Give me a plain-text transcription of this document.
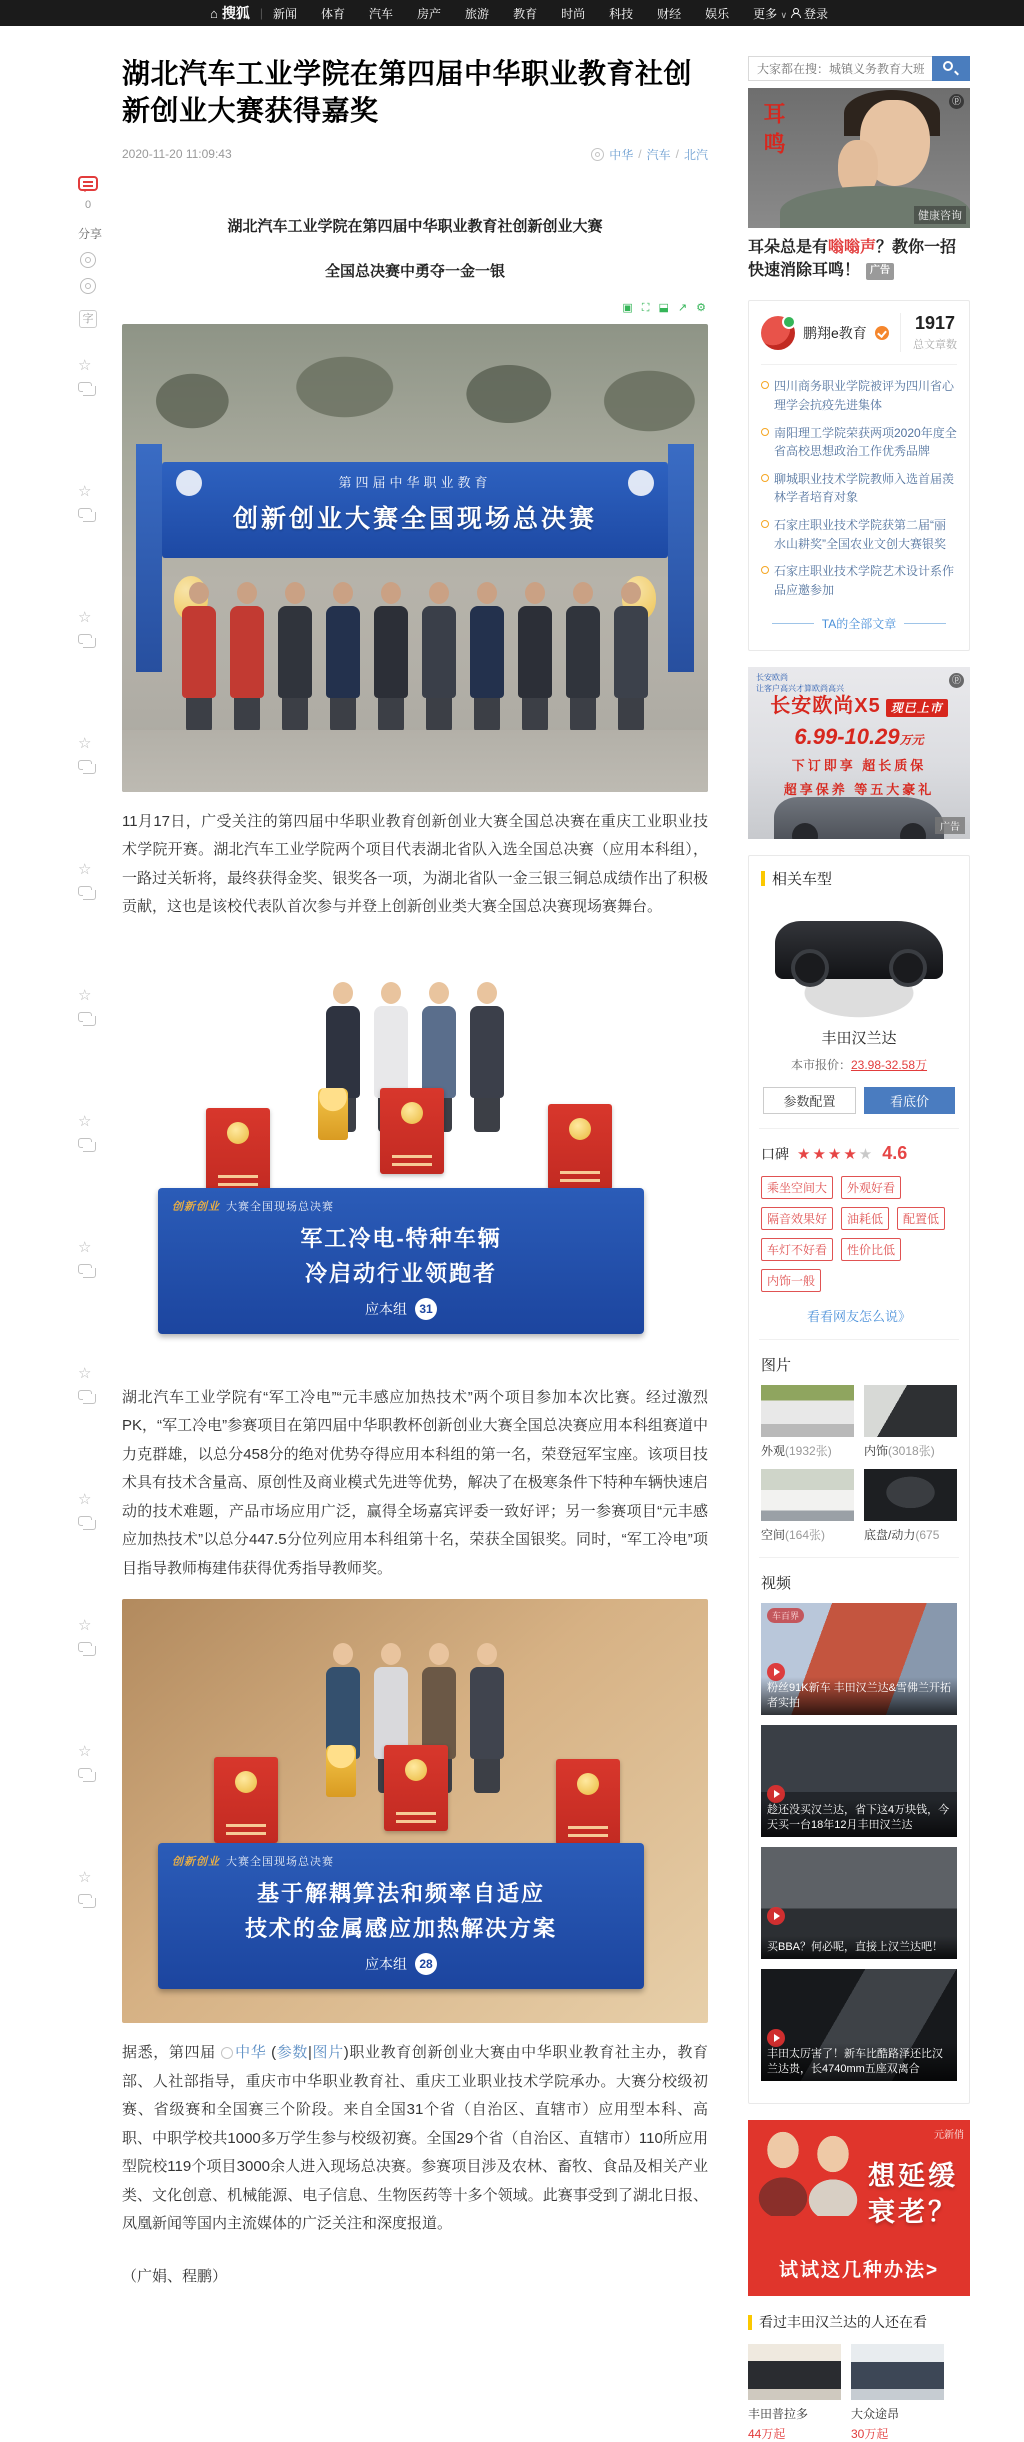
⌂ 搜狐 | 新闻 体育 汽车 房产 旅游 教育 时尚 科技 财经 娱乐 更多 ∨ 登录
0
分享
字
☆
☆
☆
☆
☆
☆
☆
☆
☆
☆
☆
☆
☆
湖北汽车工业学院在第四届中华职业教育社创新创业大赛获得嘉奖
2020-11-20 11:09:43	中华 / 汽车 / 北汽

湖北汽车工业学院在第四届中华职业教育社创新创业大赛

全国总决赛中勇夺一金一银

▣ ⛶ ⬓ ↗ ⚙
第四届中华职业教育
创新创业大赛全国现场总决赛

11月17日，广受关注的第四届中华职业教育创新创业大赛全国总决赛在重庆工业职业技术学院开赛。湖北汽车工业学院两个项目代表湖北省队入选全国总决赛（应用本科组），一路过关斩将，最终获得金奖、银奖各一项，为湖北省队一金三银三铜总成绩作出了积极贡献，这也是该校代表队首次参与并登上创新创业类大赛全国总决赛现场赛舞台。

创新创业 大赛全国现场总决赛
军工冷电-特种车辆
冷启动行业领跑者
应本组	31

湖北汽车工业学院有“军工冷电”“元丰感应加热技术”两个项目参加本次比赛。经过激烈PK，“军工冷电”参赛项目在第四届中华职教杯创新创业大赛全国总决赛应用本科组赛道中力克群雄，以总分458分的绝对优势夺得应用本科组的第一名，荣登冠军宝座。该项目技术具有技术含量高、原创性及商业模式先进等优势，解决了在极寒条件下特种车辆快速启动的技术难题，产品市场应用广泛，赢得全场嘉宾评委一致好评；另一参赛项目“元丰感应加热技术”以总分447.5分位列应用本科组第十名，荣获全国银奖。同时，“军工冷电”项目指导教师梅建伟获得优秀指导教师奖。

创新创业 大赛全国现场总决赛
基于解耦算法和频率自适应
技术的金属感应加热解决方案
应本组	28

据悉，第四届 中华 (参数|图片)职业教育创新创业大赛由中华职业教育社主办，教育部、人社部指导，重庆市中华职业教育社、重庆工业职业技术学院承办。大赛分校级初赛、省级赛和全国赛三个阶段。来自全国31个省（自治区、直辖市）应用型本科、高职、中职学校共1000多万学生参与校级初赛。全国29个省（自治区、直辖市）110所应用型院校119个项目3000余人进入现场总决赛。参赛项目涉及农林、畜牧、食品及相关产业类、文化创意、机械能源、电子信息、生物医药等十多个领域。此赛事受到了湖北日报、凤凰新闻等国内主流媒体的广泛关注和深度报道。

（广娟、程鹏）

大家都在搜：城镇义务教育大班额基本
耳鸣
健康咨询
ⓟ
耳朵总是有嗡嗡声？教你一招快速消除耳鸣！ 广告
鹏翔e教育	1917
总文章数
四川商务职业学院被评为四川省心理学会抗疫先进集体
南阳理工学院荣获两项2020年度全省高校思想政治工作优秀品牌
聊城职业技术学院教师入选首届羡林学者培育对象
石家庄职业技术学院获第二届“丽水山耕奖”全国农业文创大赛银奖
石家庄职业技术学院艺术设计系作品应邀参加
TA的全部文章
长安欧尚
让客户高兴才算欧尚高兴
ⓟ
长安欧尚X5 现已上市
6.99-10.29万元
下订即享 超长质保
超享保养 等五大豪礼
广告
相关车型
丰田汉兰达
本市报价：23.98-32.58万
参数配置	看底价
口碑 ★★★★★ 4.6
乘坐空间大	外观好看
隔音效果好	油耗低	配置低
车灯不好看	性价比低
内饰一般
看看网友怎么说》
图片
外观(1932张)	内饰(3018张)
空间(164张)	底盘/动力(675
视频
车百界
粉丝91K新车 丰田汉兰达&雪佛兰开拓者实拍
趁还没买汉兰达，省下这4万块钱，今天买一台18年12月丰田汉兰达
买BBA？何必呢，直接上汉兰达吧！
丰田太厉害了！新车比酷路泽还比汉兰达贵，长4740mm五座双离合
元新俏
想延缓
衰老？
试试这几种办法>
看过丰田汉兰达的人还在看
丰田普拉多
44万起
大众途昂
30万起
